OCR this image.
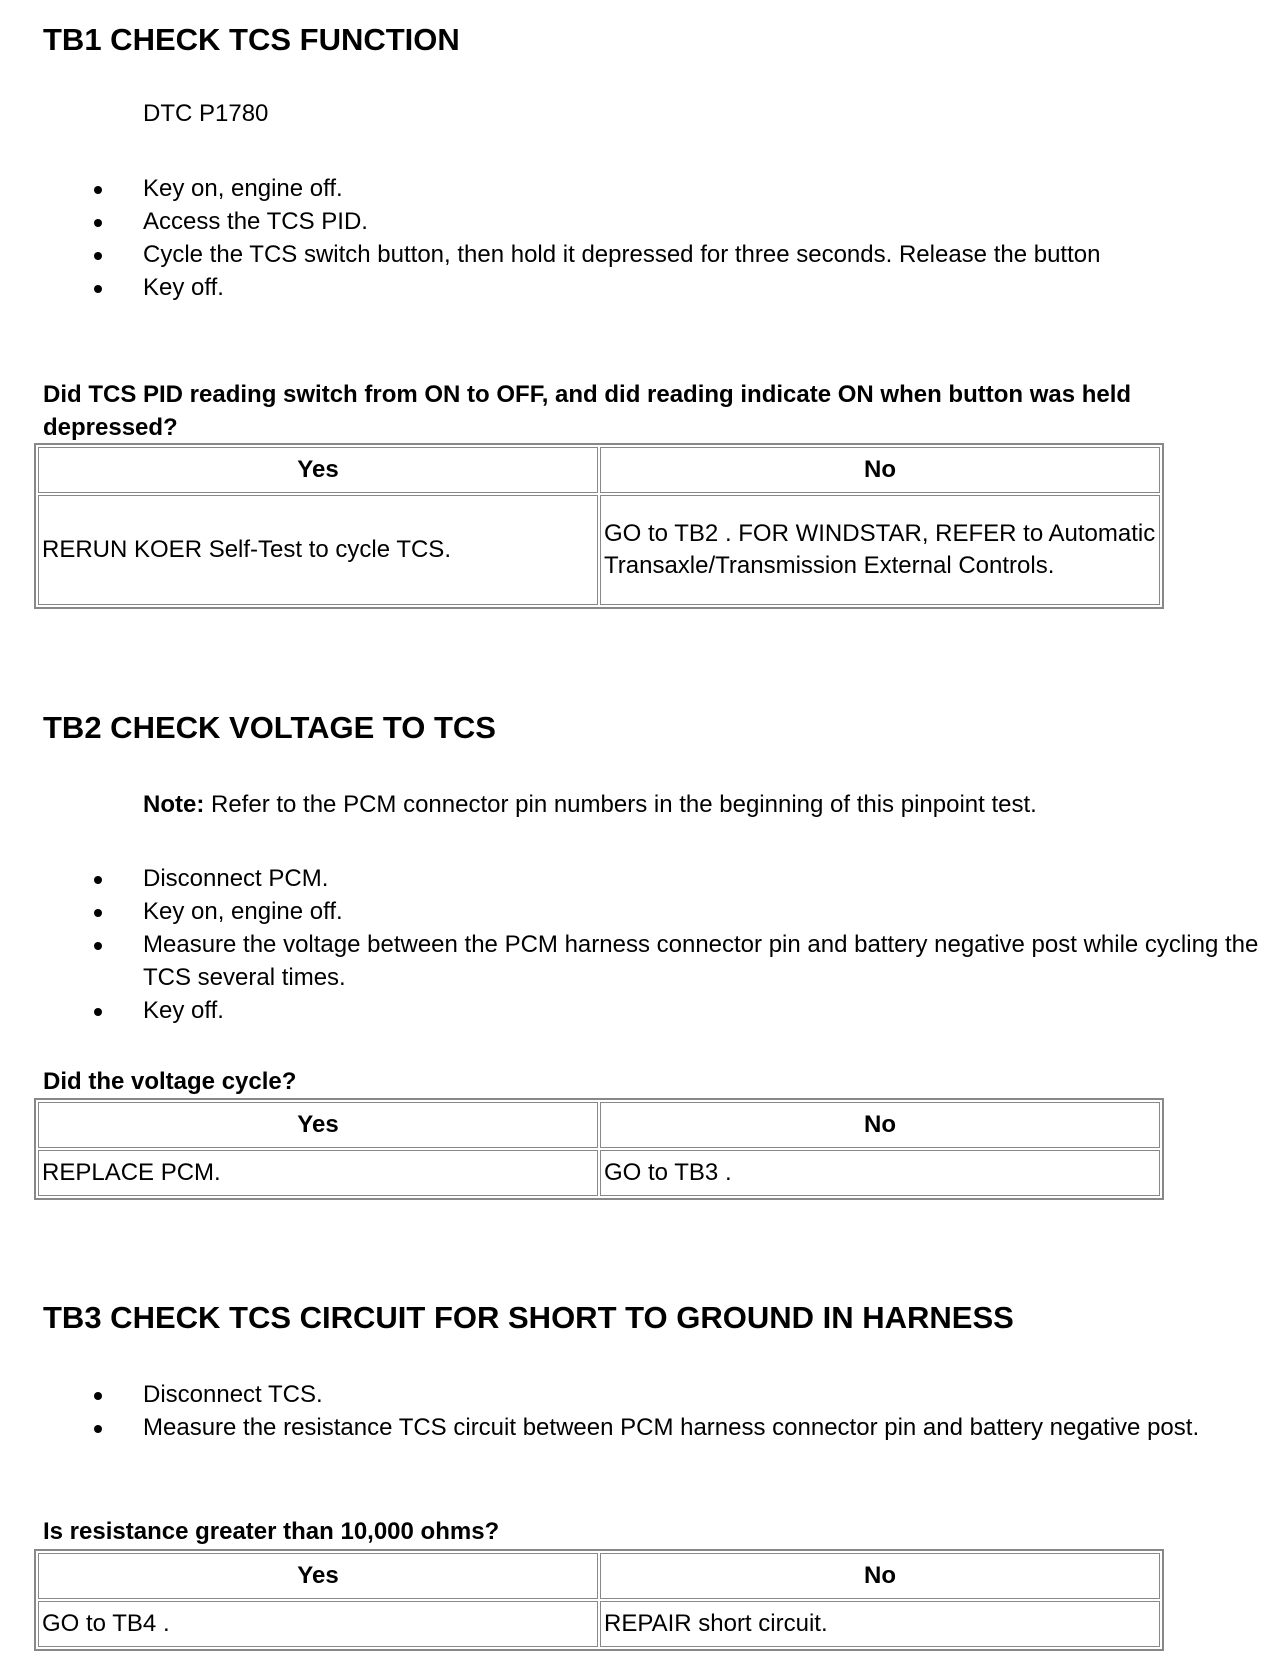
TB1 CHECK TCS FUNCTION
DTC P1780
Key on, engine off.
Access the TCS PID.
Cycle the TCS switch button, then hold it depressed for three seconds. Release the button
Key off.
Did TCS PID reading switch from ON to OFF, and did reading indicate ON when button was held depressed?
Yes	No
RERUN KOER Self-Test to cycle TCS.	GO to TB2 . FOR WINDSTAR, REFER to Automatic Transaxle/Transmission External Controls.
TB2 CHECK VOLTAGE TO TCS
Note: Refer to the PCM connector pin numbers in the beginning of this pinpoint test.
Disconnect PCM.
Key on, engine off.
Measure the voltage between the PCM harness connector pin and battery negative post while cycling the TCS several times.
Key off.
Did the voltage cycle?
Yes	No
REPLACE PCM.	GO to TB3 .
TB3 CHECK TCS CIRCUIT FOR SHORT TO GROUND IN HARNESS
Disconnect TCS.
Measure the resistance TCS circuit between PCM harness connector pin and battery negative post.
Is resistance greater than 10,000 ohms?
Yes	No
GO to TB4 .	REPAIR short circuit.
